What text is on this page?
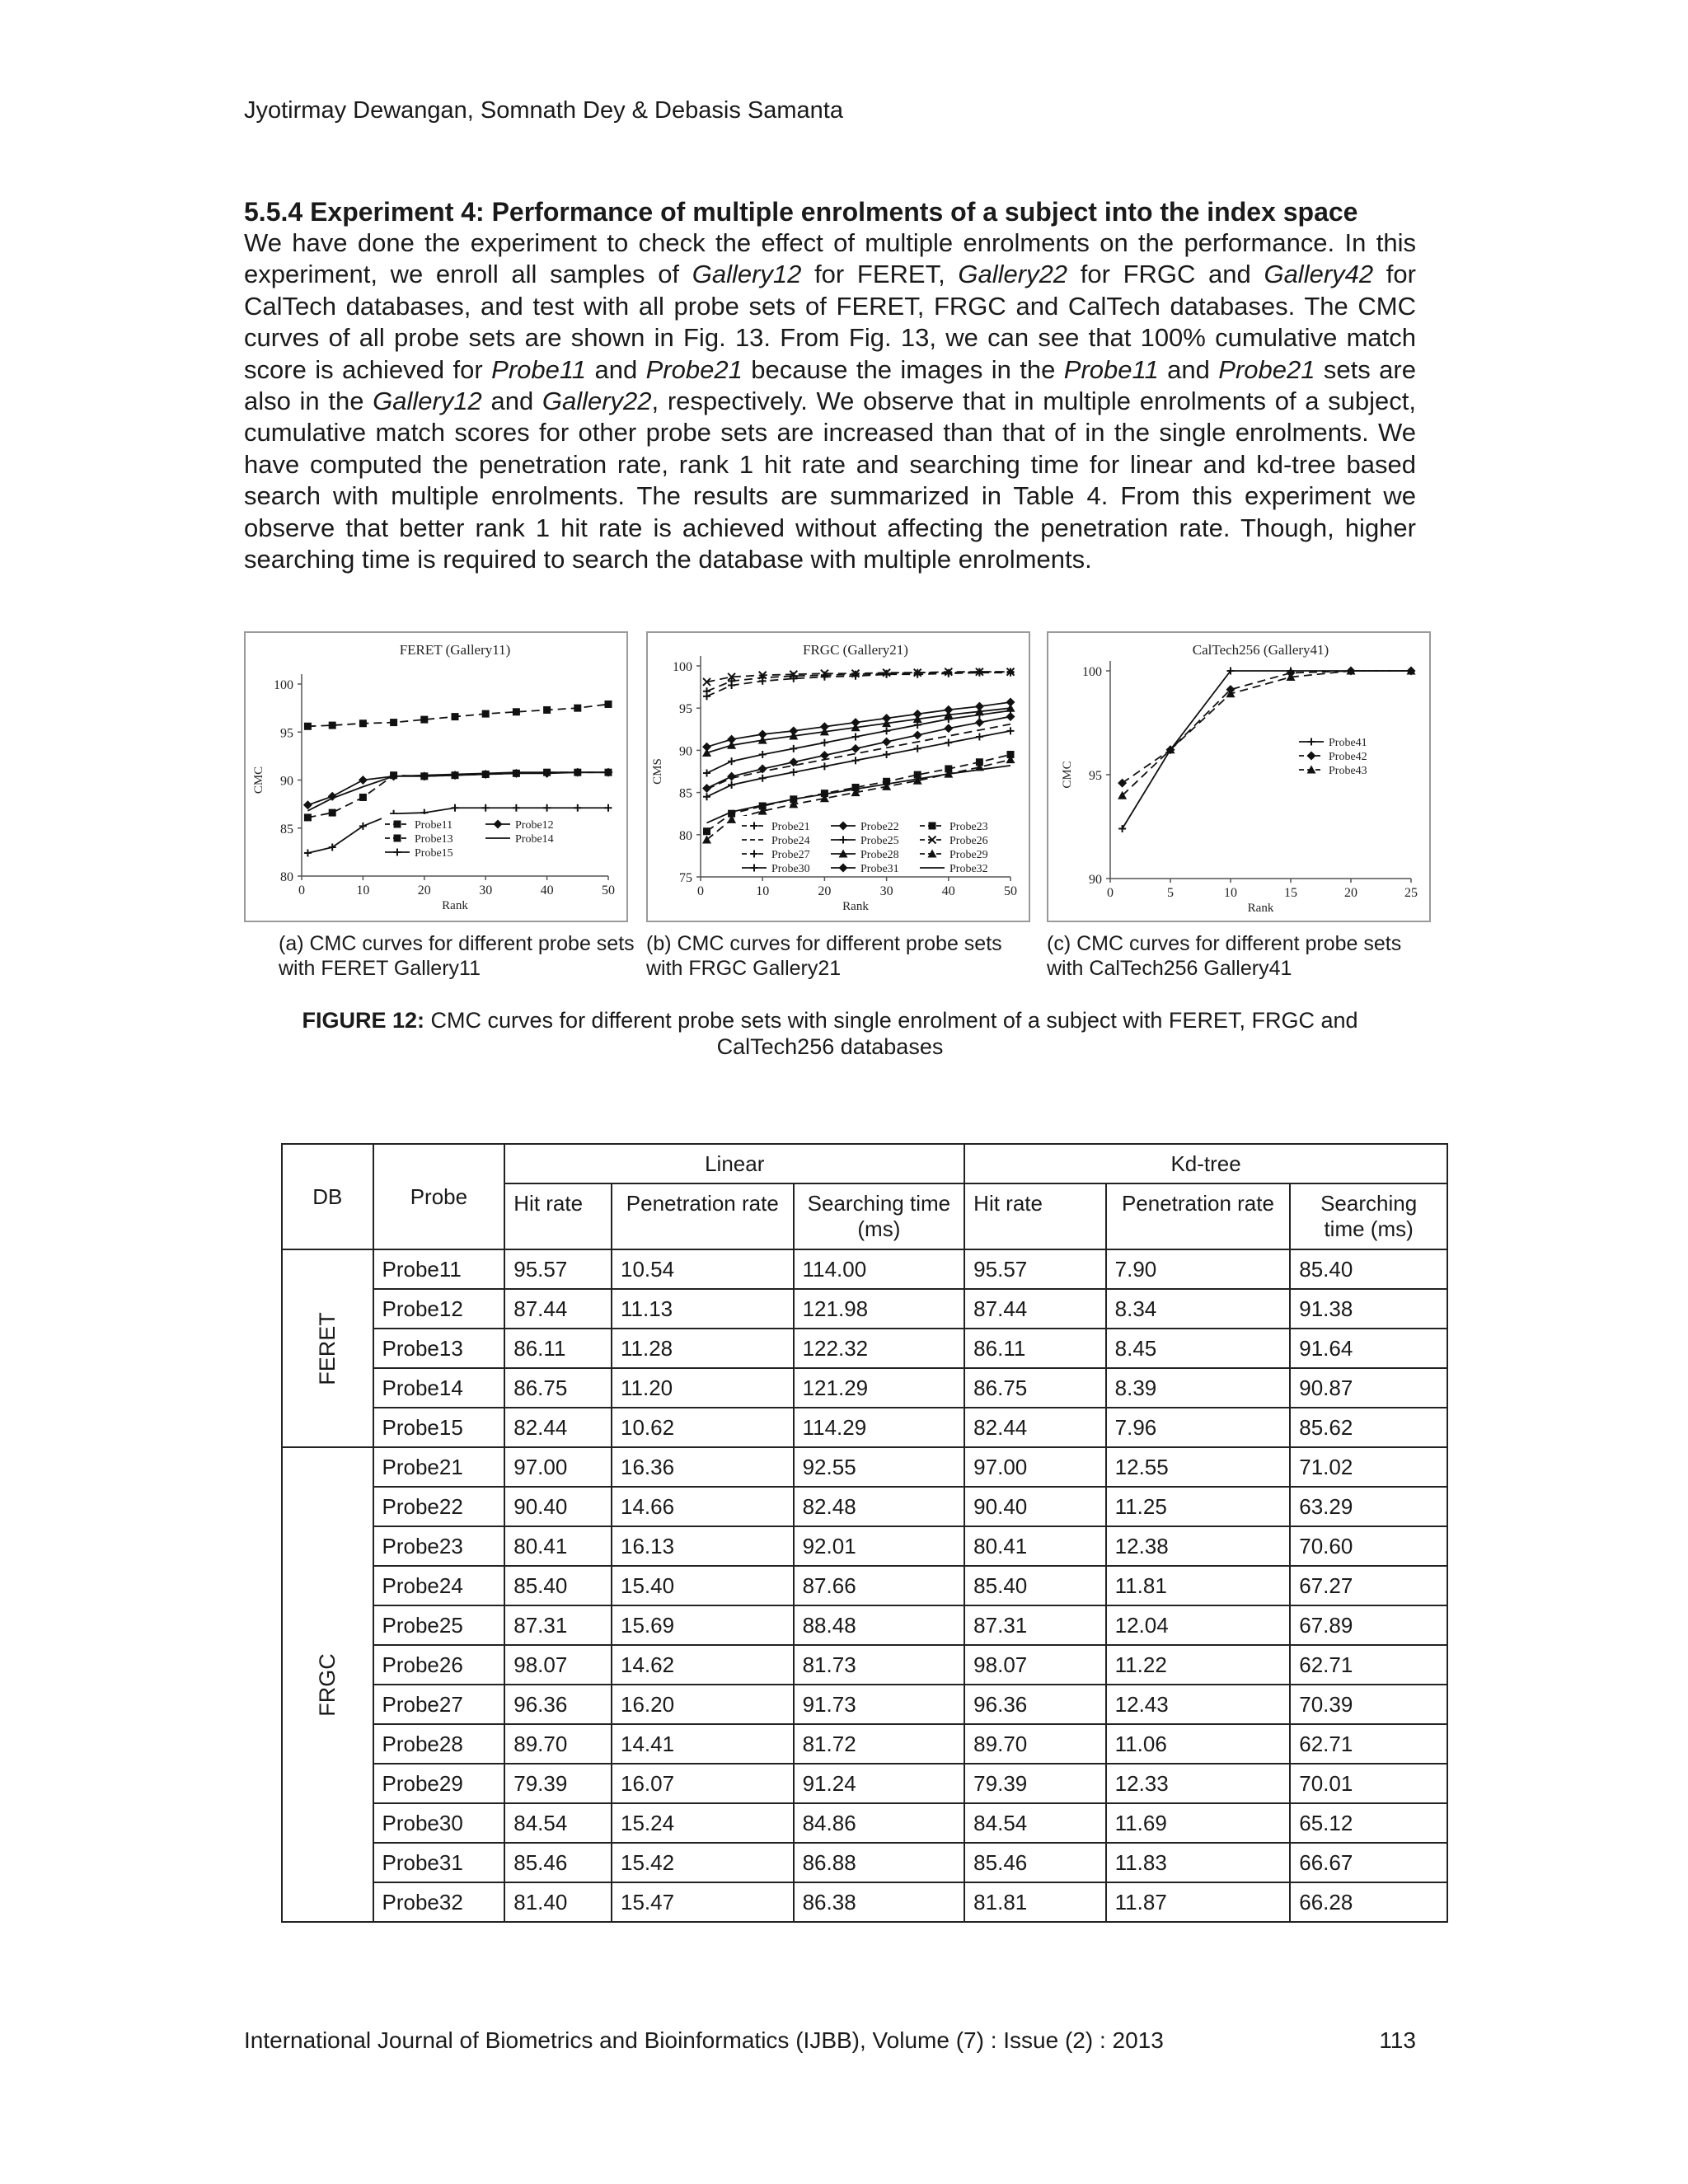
Jyotirmay Dewangan, Somnath Dey & Debasis Samanta
5.5.4 Experiment 4: Performance of multiple enrolments of a subject into the index space

We have done the experiment to check the effect of multiple enrolments on the performance. In this experiment, we enroll all samples of Gallery12 for FERET, Gallery22 for FRGC and Gallery42 for CalTech databases, and test with all probe sets of FERET, FRGC and CalTech databases. The CMC curves of all probe sets are shown in Fig. 13. From Fig. 13, we can see that 100% cumulative match score is achieved for Probe11 and Probe21 because the images in the Probe11 and Probe21 sets are also in the Gallery12 and Gallery22, respectively. We observe that in multiple enrolments of a subject, cumulative match scores for other probe sets are increased than that of in the single enrolments. We have computed the penetration rate, rank 1 hit rate and searching time for linear and kd-tree based search with multiple enrolments. The results are summarized in Table 4. From this experiment we observe that better rank 1 hit rate is achieved without affecting the penetration rate. Though, higher searching time is required to search the database with multiple enrolments.

FERET (Gallery11)
80
85
90
95
100
0	10	20	30	40	50
Rank
CMC
Probe11	Probe12
Probe13	Probe14
Probe15
FRGC (Gallery21)
75
80
85
90
95
100
0	10	20	30	40	50
Rank
CMS
Probe21	Probe22	Probe23
Probe24	Probe25	Probe26
Probe27	Probe28	Probe29
Probe30	Probe31	Probe32
CalTech256 (Gallery41)
90
95
100
0	5	10	15	20	25
Rank
CMC
Probe41
Probe42
Probe43
(a) CMC curves for different probe sets with FERET Gallery11
(b) CMC curves for different probe sets with FRGC Gallery21
(c) CMC curves for different probe sets with CalTech256 Gallery41
FIGURE 12: CMC curves for different probe sets with single enrolment of a subject with FERET, FRGC and CalTech256 databases
DB	Probe	Linear			Kd-tree		
		Hit rate	Penetration rate	Searching time (ms)	Hit rate	Penetration rate	Searching time (ms)
FERET	Probe11	95.57	10.54	114.00	95.57	7.90	85.40
	Probe12	87.44	11.13	121.98	87.44	8.34	91.38
	Probe13	86.11	11.28	122.32	86.11	8.45	91.64
	Probe14	86.75	11.20	121.29	86.75	8.39	90.87
	Probe15	82.44	10.62	114.29	82.44	7.96	85.62
FRGC	Probe21	97.00	16.36	92.55	97.00	12.55	71.02
	Probe22	90.40	14.66	82.48	90.40	11.25	63.29
	Probe23	80.41	16.13	92.01	80.41	12.38	70.60
	Probe24	85.40	15.40	87.66	85.40	11.81	67.27
	Probe25	87.31	15.69	88.48	87.31	12.04	67.89
	Probe26	98.07	14.62	81.73	98.07	11.22	62.71
	Probe27	96.36	16.20	91.73	96.36	12.43	70.39
	Probe28	89.70	14.41	81.72	89.70	11.06	62.71
	Probe29	79.39	16.07	91.24	79.39	12.33	70.01
	Probe30	84.54	15.24	84.86	84.54	11.69	65.12
	Probe31	85.46	15.42	86.88	85.46	11.83	66.67
	Probe32	81.40	15.47	86.38	81.81	11.87	66.28
International Journal of Biometrics and Bioinformatics (IJBB), Volume (7) : Issue (2) : 2013	113
